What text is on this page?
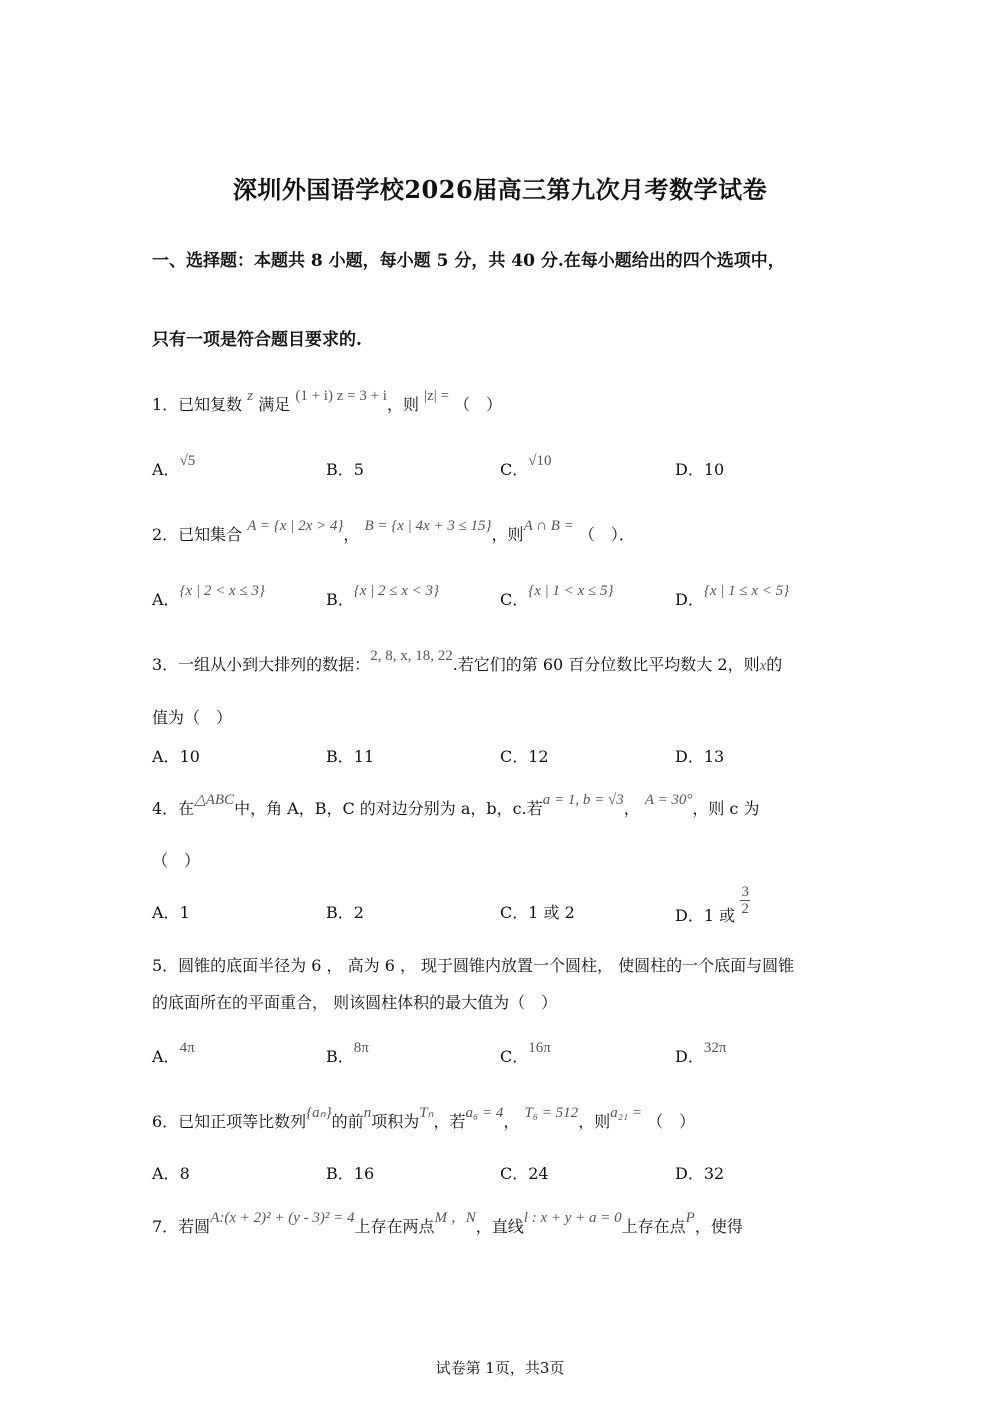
深圳外国语学校2026届高三第九次月考数学试卷
一、选择题：本题共 8 小题，每小题 5 分，共 40 分.在每小题给出的四个选项中，
只有一项是符合题目要求的.
1．已知复数 z 满足 (1 + i) z = 3 + i，则 |z| = （　）
A．√5	B．5	C．√10	D．10
2．已知集合 A = {x | 2x > 4}， B = {x | 4x + 3 ≤ 15}，则A ∩ B = （　）．
A．{x | 2 < x ≤ 3}	B．{x | 2 ≤ x < 3}	C．{x | 1 < x ≤ 5}	D．{x | 1 ≤ x < 5}
3．一组从小到大排列的数据：2, 8, x, 18, 22.若它们的第 60 百分位数比平均数大 2，则x的
值为（　）
A．10	B．11	C．12	D．13
4．在△ABC中，角 A，B，C 的对边分别为 a，b，c.若a = 1, b = √3， A = 30°，则 c 为
（　）
A．1	B．2	C．1 或 2	D．1 或 $\frac{3}{2}$
5．圆锥的底面半径为 6 ， 高为 6 ， 现于圆锥内放置一个圆柱， 使圆柱的一个底面与圆锥
的底面所在的平面重合， 则该圆柱体积的最大值为（　）
A．4π	B．8π	C．16π	D．32π
6．已知正项等比数列{aₙ}的前n项积为Tₙ，若a₆ = 4， T₆ = 512，则a₂₁ = （　）
A．8	B．16	C．24	D．32
7．若圆A:(x + 2)² + (y - 3)² = 4上存在两点M ，N，直线l : x + y + a = 0上存在点P，使得
试卷第 1页，共3页
